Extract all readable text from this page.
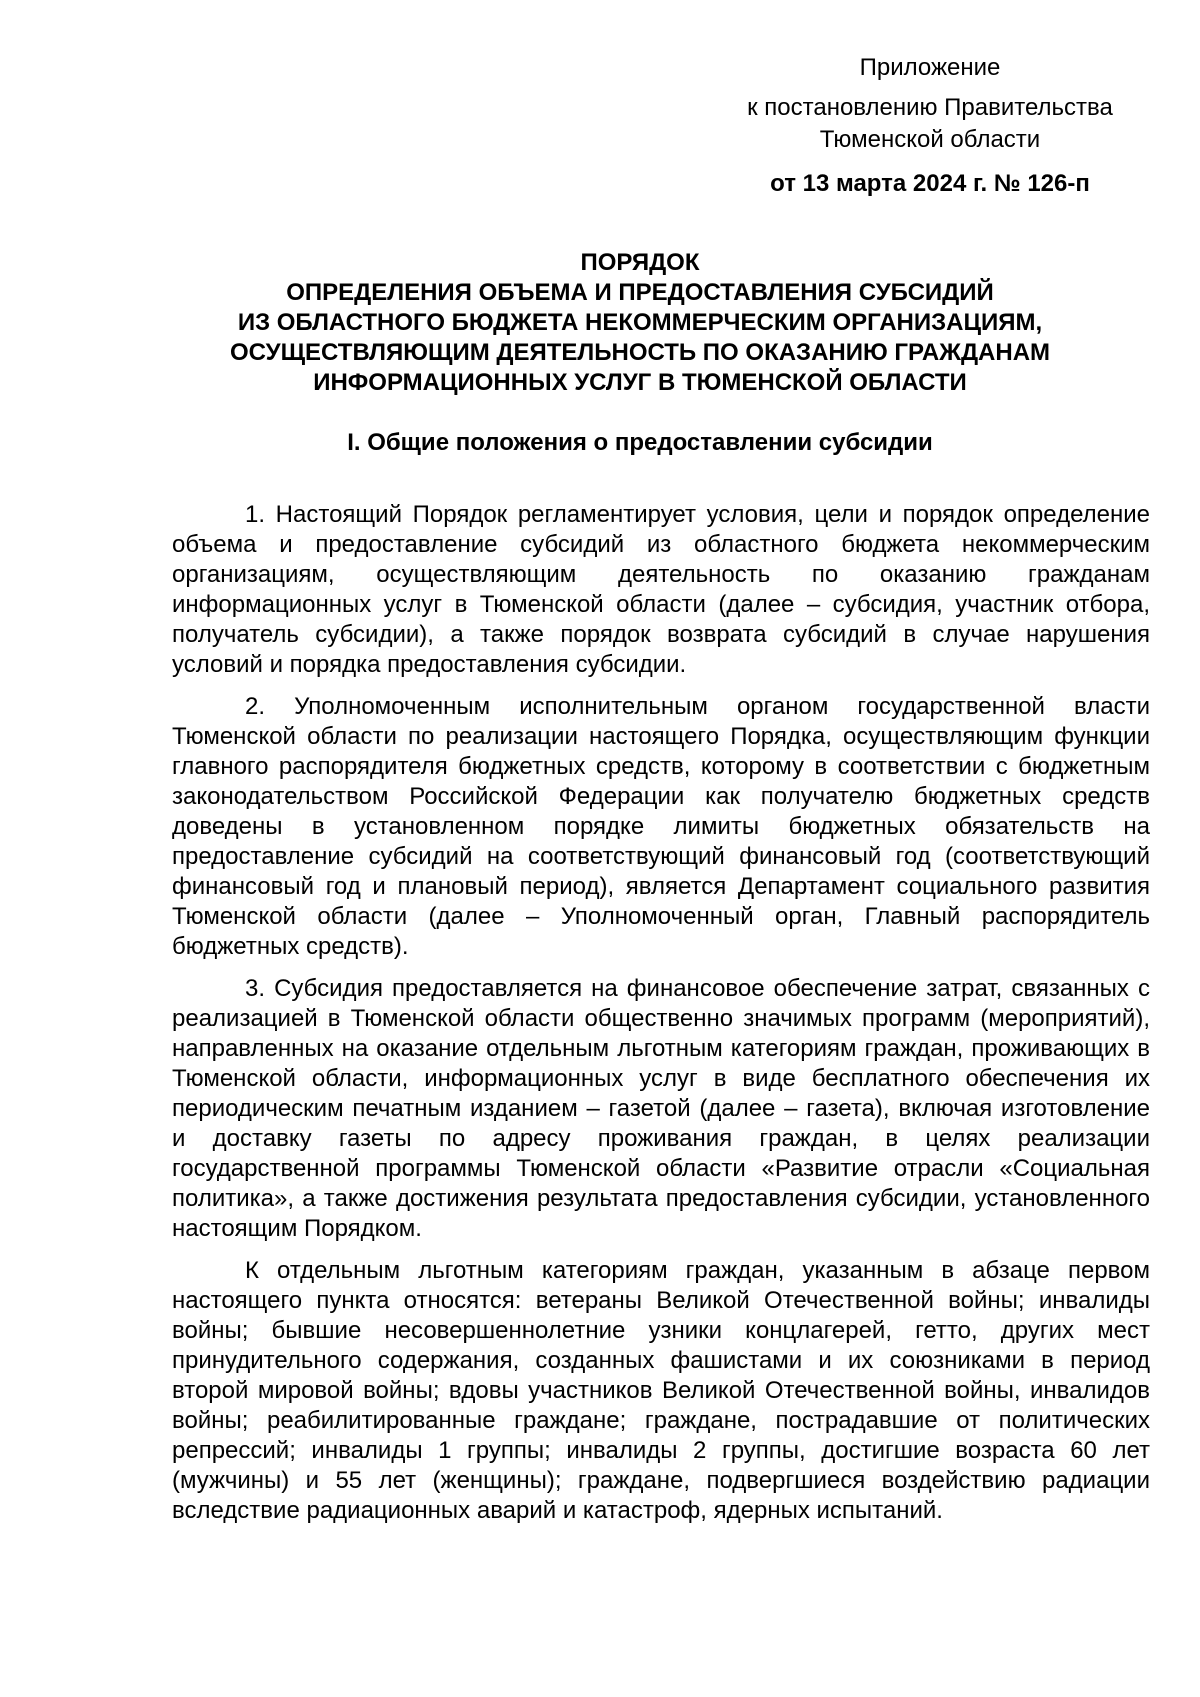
Приложение
к постановлению Правительства
Тюменской области
от 13 марта 2024 г. № 126-п
ПОРЯДОК
ОПРЕДЕЛЕНИЯ ОБЪЕМА И ПРЕДОСТАВЛЕНИЯ СУБСИДИЙ
ИЗ ОБЛАСТНОГО БЮДЖЕТА НЕКОММЕРЧЕСКИМ ОРГАНИЗАЦИЯМ,
ОСУЩЕСТВЛЯЮЩИМ ДЕЯТЕЛЬНОСТЬ ПО ОКАЗАНИЮ ГРАЖДАНАМ
ИНФОРМАЦИОННЫХ УСЛУГ В ТЮМЕНСКОЙ ОБЛАСТИ
I. Общие положения о предоставлении субсидии

1. Настоящий Порядок регламентирует условия, цели и порядок определение объема и предоставление субсидий из областного бюджета некоммерческим организациям, осуществляющим деятельность по оказанию гражданам информационных услуг в Тюменской области (далее – субсидия, участник отбора, получатель субсидии), а также порядок возврата субсидий в случае нарушения условий и порядка предоставления субсидии.

2. Уполномоченным исполнительным органом государственной власти Тюменской области по реализации настоящего Порядка, осуществляющим функции главного распорядителя бюджетных средств, которому в соответствии с бюджетным законодательством Российской Федерации как получателю бюджетных средств доведены в установленном порядке лимиты бюджетных обязательств на предоставление субсидий на соответствующий финансовый год (соответствующий финансовый год и плановый период), является Департамент социального развития Тюменской области (далее – Уполномоченный орган, Главный распорядитель бюджетных средств).

3. Субсидия предоставляется на финансовое обеспечение затрат, связанных с реализацией в Тюменской области общественно значимых программ (мероприятий), направленных на оказание отдельным льготным категориям граждан, проживающих в Тюменской области, информационных услуг в виде бесплатного обеспечения их периодическим печатным изданием – газетой (далее – газета), включая изготовление и доставку газеты по адресу проживания граждан, в целях реализации государственной программы Тюменской области «Развитие отрасли «Социальная политика», а также достижения результата предоставления субсидии, установленного настоящим Порядком.

К отдельным льготным категориям граждан, указанным в абзаце первом настоящего пункта относятся: ветераны Великой Отечественной войны; инвалиды войны; бывшие несовершеннолетние узники концлагерей, гетто, других мест принудительного содержания, созданных фашистами и их союзниками в период второй мировой войны; вдовы участников Великой Отечественной войны, инвалидов войны; реабилитированные граждане; граждане, пострадавшие от политических репрессий; инвалиды 1 группы; инвалиды 2 группы, достигшие возраста 60 лет (мужчины) и 55 лет (женщины); граждане, подвергшиеся воздействию радиации вследствие радиационных аварий и катастроф, ядерных испытаний.
